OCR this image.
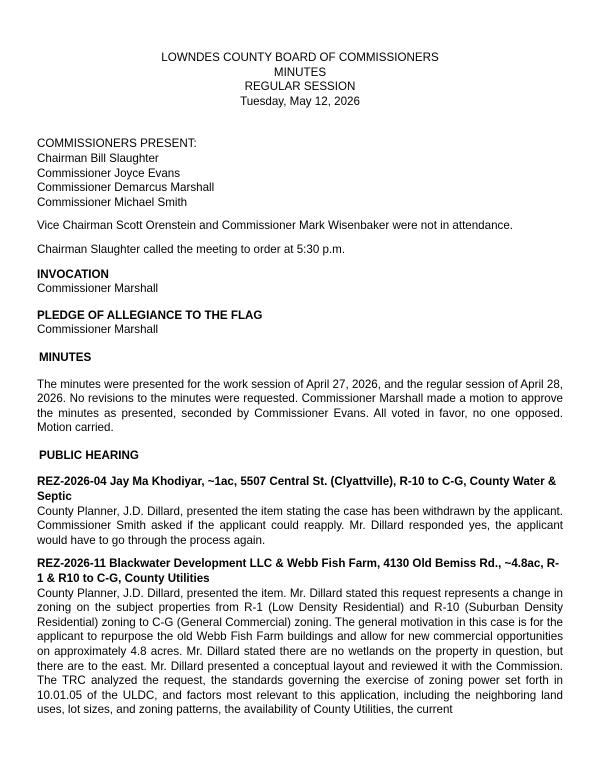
LOWNDES COUNTY BOARD OF COMMISSIONERS
MINUTES
REGULAR SESSION
Tuesday, May 12, 2026
COMMISSIONERS PRESENT:
Chairman Bill Slaughter
Commissioner Joyce Evans
Commissioner Demarcus Marshall
Commissioner Michael Smith

Vice Chairman Scott Orenstein and Commissioner Mark Wisenbaker were not in attendance.

Chairman Slaughter called the meeting to order at 5:30 p.m.

INVOCATION
Commissioner Marshall
PLEDGE OF ALLEGIANCE TO THE FLAG
Commissioner Marshall
MINUTES

The minutes were presented for the work session of April 27, 2026, and the regular session of April 28, 2026. No revisions to the minutes were requested. Commissioner Marshall made a motion to approve the minutes as presented, seconded by Commissioner Evans. All voted in favor, no one opposed. Motion carried.

PUBLIC HEARING
REZ-2026-04 Jay Ma Khodiyar, ~1ac, 5507 Central St. (Clyattville), R-10 to C-G, County Water & Septic
County Planner, J.D. Dillard, presented the item stating the case has been withdrawn by the applicant. Commissioner Smith asked if the applicant could reapply. Mr. Dillard responded yes, the applicant would have to go through the process again.
REZ-2026-11 Blackwater Development LLC & Webb Fish Farm, 4130 Old Bemiss Rd., ~4.8ac, R-1 & R10 to C-G, County Utilities
County Planner, J.D. Dillard, presented the item. Mr. Dillard stated this request represents a change in zoning on the subject properties from R-1 (Low Density Residential) and R-10 (Suburban Density Residential) zoning to C-G (General Commercial) zoning. The general motivation in this case is for the applicant to repurpose the old Webb Fish Farm buildings and allow for new commercial opportunities on approximately 4.8 acres. Mr. Dillard stated there are no wetlands on the property in question, but there are to the east. Mr. Dillard presented a conceptual layout and reviewed it with the Commission. The TRC analyzed the request, the standards governing the exercise of zoning power set forth in 10.01.05 of the ULDC, and factors most relevant to this application, including the neighboring land uses, lot sizes, and zoning patterns, the availability of County Utilities, the current
